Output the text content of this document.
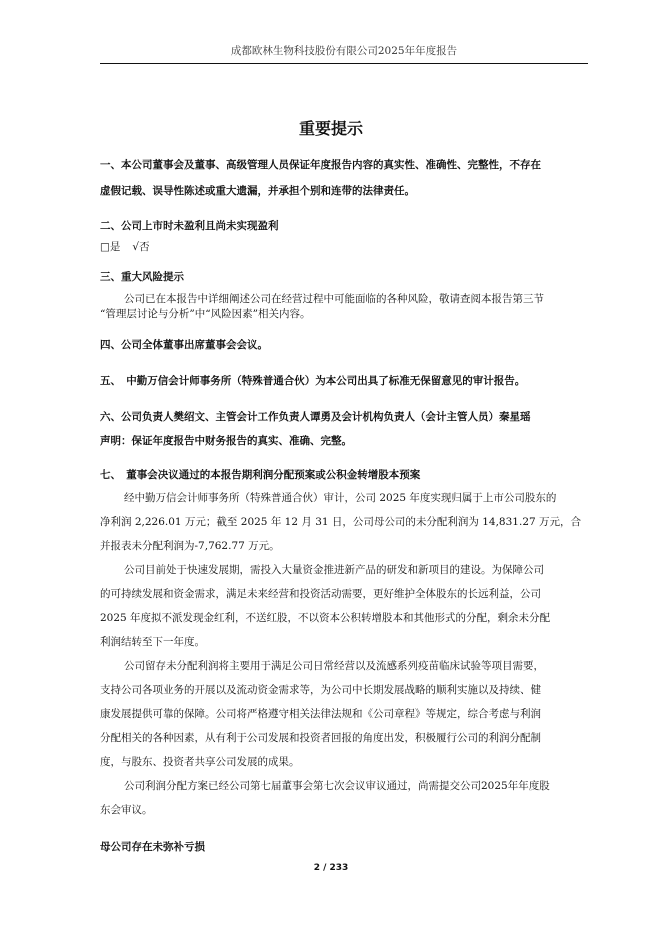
成都欧林生物科技股份有限公司2025年年度报告
重要提示
一、本公司董事会及董事、高级管理人员保证年度报告内容的真实性、准确性、完整性，不存在
虚假记载、误导性陈述或重大遗漏，并承担个别和连带的法律责任。
二、公司上市时未盈利且尚未实现盈利
□是 √否
三、重大风险提示
公司已在本报告中详细阐述公司在经营过程中可能面临的各种风险，敬请查阅本报告第三节
“管理层讨论与分析”中“风险因素”相关内容。
四、公司全体董事出席董事会会议。
五、　中勤万信会计师事务所（特殊普通合伙）为本公司出具了标准无保留意见的审计报告。
六、公司负责人樊绍文、主管会计工作负责人谭勇及会计机构负责人（会计主管人员）秦星瑶
声明：保证年度报告中财务报告的真实、准确、完整。
七、　董事会决议通过的本报告期利润分配预案或公积金转增股本预案
经中勤万信会计师事务所（特殊普通合伙）审计，公司 2025 年度实现归属于上市公司股东的
净利润 2,226.01 万元；截至 2025 年 12 月 31 日，公司母公司的未分配利润为 14,831.27 万元，合
并报表未分配利润为-7,762.77 万元。
公司目前处于快速发展期，需投入大量资金推进新产品的研发和新项目的建设。为保障公司
的可持续发展和资金需求，满足未来经营和投资活动需要，更好维护全体股东的长远利益，公司
2025 年度拟不派发现金红利，不送红股，不以资本公积转增股本和其他形式的分配，剩余未分配
利润结转至下一年度。
公司留存未分配利润将主要用于满足公司日常经营以及流感系列疫苗临床试验等项目需要，
支持公司各项业务的开展以及流动资金需求等，为公司中长期发展战略的顺利实施以及持续、健
康发展提供可靠的保障。公司将严格遵守相关法律法规和《公司章程》等规定，综合考虑与利润
分配相关的各种因素，从有利于公司发展和投资者回报的角度出发，积极履行公司的利润分配制
度，与股东、投资者共享公司发展的成果。
公司利润分配方案已经公司第七届董事会第七次会议审议通过，尚需提交公司2025年年度股
东会审议。
母公司存在未弥补亏损
2 / 233
